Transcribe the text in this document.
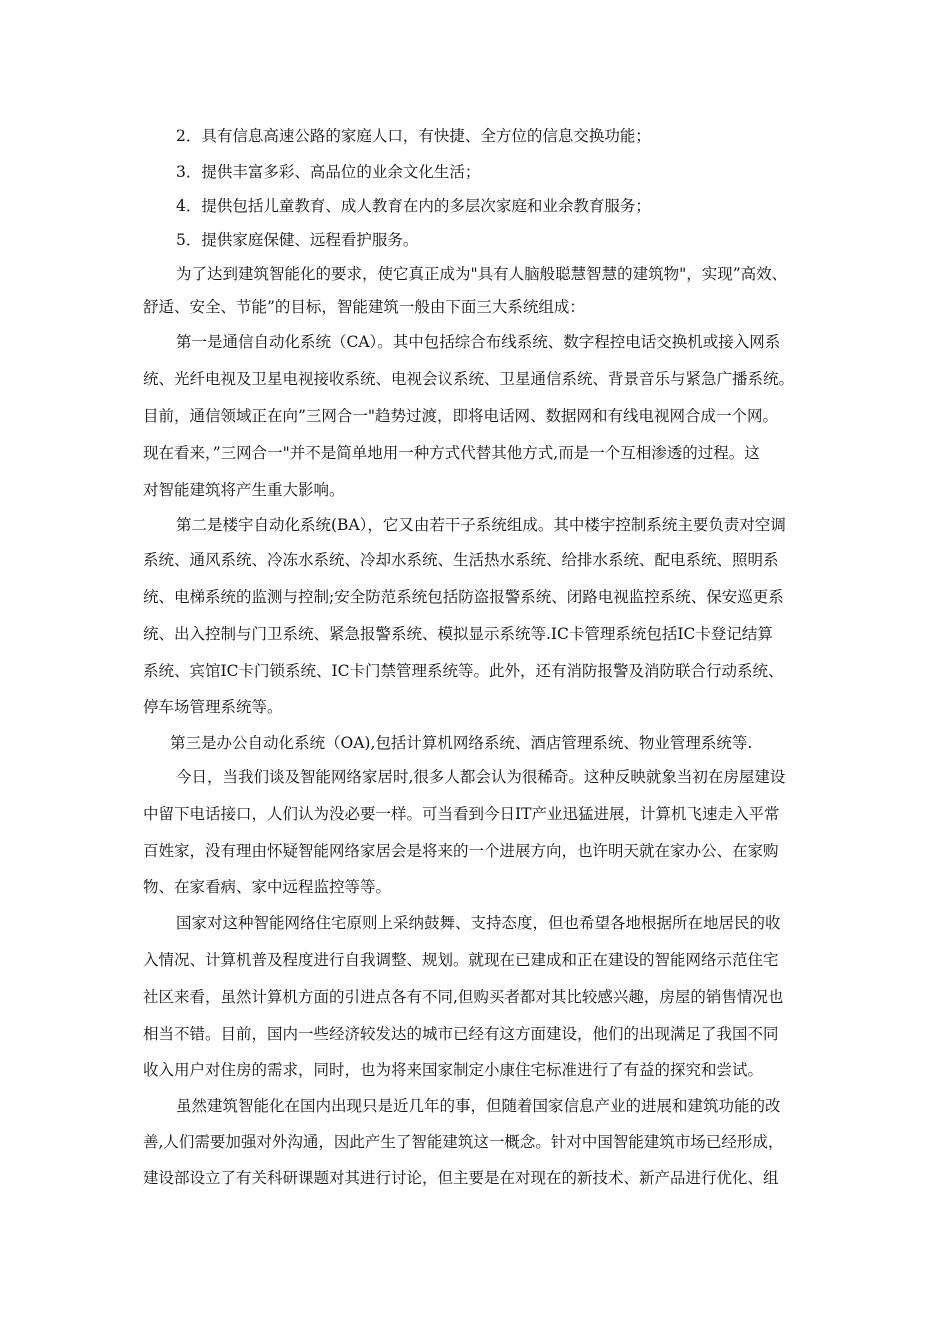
2．具有信息高速公路的家庭人口，有快捷、全方位的信息交换功能；
3．提供丰富多彩、高品位的业余文化生活；
4．提供包括儿童教育、成人教育在内的多层次家庭和业余教育服务；
5．提供家庭保健、远程看护服务。
为了达到建筑智能化的要求，使它真正成为"具有人脑般聪慧智慧的建筑物"，实现”高效、
舒适、安全、节能”的目标，智能建筑一般由下面三大系统组成：
第一是通信自动化系统（CA）。其中包括综合布线系统、数字程控电话交换机或接入网系
统、光纤电视及卫星电视接收系统、电视会议系统、卫星通信系统、背景音乐与紧急广播系统。
目前，通信领域正在向”三网合一"趋势过渡，即将电话网、数据网和有线电视网合成一个网。
现在看来，”三网合一"并不是简单地用一种方式代替其他方式,而是一个互相渗透的过程。这
对智能建筑将产生重大影响。
第二是楼宇自动化系统(BA），它又由若干子系统组成。其中楼宇控制系统主要负责对空调
系统、通风系统、冷冻水系统、冷却水系统、生活热水系统、给排水系统、配电系统、照明系
统、电梯系统的监测与控制;安全防范系统包括防盗报警系统、闭路电视监控系统、保安巡更系
统、出入控制与门卫系统、紧急报警系统、模拟显示系统等.IC卡管理系统包括IC卡登记结算
系统、宾馆IC卡门锁系统、IC卡门禁管理系统等。此外，还有消防报警及消防联合行动系统、
停车场管理系统等。
第三是办公自动化系统（OA),包括计算机网络系统、酒店管理系统、物业管理系统等.
今日，当我们谈及智能网络家居时,很多人都会认为很稀奇。这种反映就象当初在房屋建设
中留下电话接口，人们认为没必要一样。可当看到今日IT产业迅猛进展，计算机飞速走入平常
百姓家，没有理由怀疑智能网络家居会是将来的一个进展方向，也许明天就在家办公、在家购
物、在家看病、家中远程监控等等。
国家对这种智能网络住宅原则上采纳鼓舞、支持态度，但也希望各地根据所在地居民的收
入情况、计算机普及程度进行自我调整、规划。就现在已建成和正在建设的智能网络示范住宅
社区来看，虽然计算机方面的引进点各有不同,但购买者都对其比较感兴趣，房屋的销售情况也
相当不错。目前，国内一些经济较发达的城市已经有这方面建设，他们的出现满足了我国不同
收入用户对住房的需求，同时，也为将来国家制定小康住宅标准进行了有益的探究和尝试。
虽然建筑智能化在国内出现只是近几年的事，但随着国家信息产业的进展和建筑功能的改
善,人们需要加强对外沟通，因此产生了智能建筑这一概念。针对中国智能建筑市场已经形成，
建设部设立了有关科研课题对其进行讨论，但主要是在对现在的新技术、新产品进行优化、组
